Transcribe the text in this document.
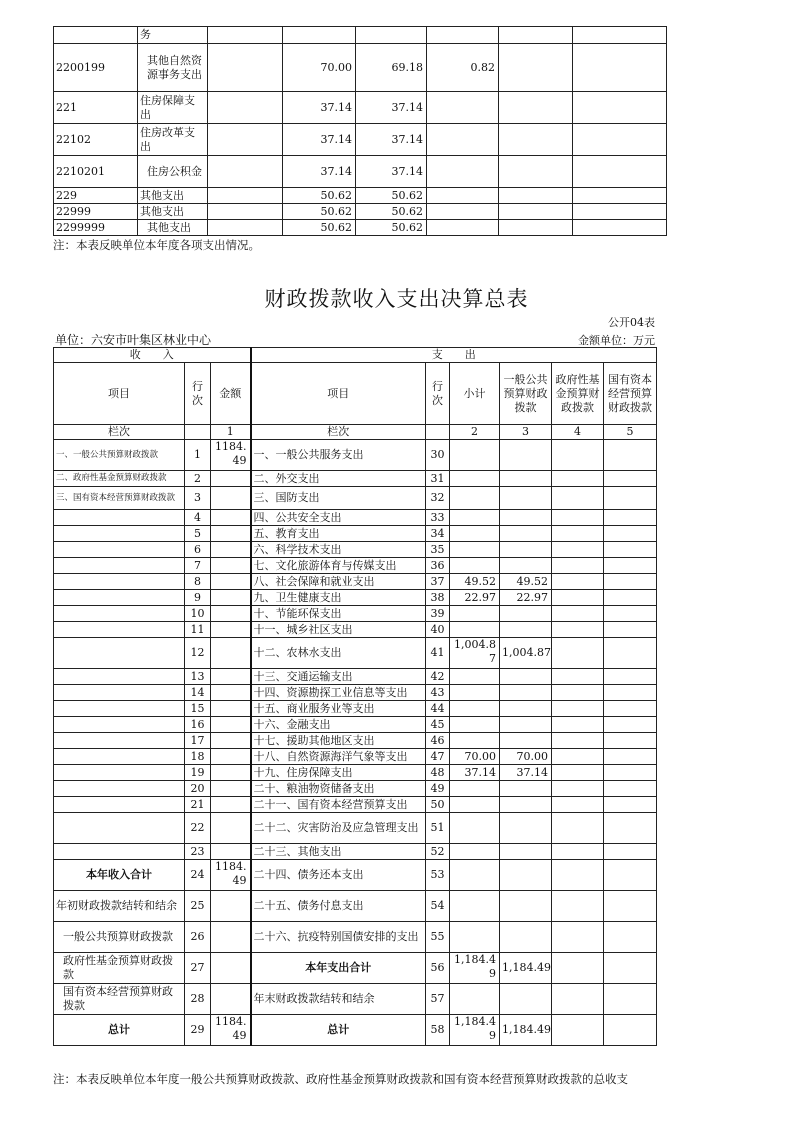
	务						
2200199	其他自然资源事务支出		70.00	69.18	0.82		
221	住房保障支出		37.14	37.14			
22102	住房改革支出		37.14	37.14			
2210201	住房公积金		37.14	37.14			
229	其他支出		50.62	50.62			
22999	其他支出		50.62	50.62			
2299999	其他支出		50.62	50.62			
注：本表反映单位本年度各项支出情况。
财政拨款收入支出决算总表
公开04表
单位：六安市叶集区林业中心	金额单位：万元
收　　入			支　　出					
项目	行次	金额	项目	行次	小计	一般公共预算财政拨款	政府性基金预算财政拨款	国有资本经营预算财政拨款
栏次		1	栏次		2	3	4	5
一、一般公共预算财政拨款	1	1184.49	一、一般公共服务支出	30				
二、政府性基金预算财政拨款	2		二、外交支出	31				
三、国有资本经营预算财政拨款	3		三、国防支出	32				
	4		四、公共安全支出	33				
	5		五、教育支出	34				
	6		六、科学技术支出	35				
	7		七、文化旅游体育与传媒支出	36				
	8		八、社会保障和就业支出	37	49.52	49.52		
	9		九、卫生健康支出	38	22.97	22.97		
	10		十、节能环保支出	39				
	11		十一、城乡社区支出	40				
	12		十二、农林水支出	41	1,004.87	1,004.87		
	13		十三、交通运输支出	42				
	14		十四、资源勘探工业信息等支出	43				
	15		十五、商业服务业等支出	44				
	16		十六、金融支出	45				
	17		十七、援助其他地区支出	46				
	18		十八、自然资源海洋气象等支出	47	70.00	70.00		
	19		十九、住房保障支出	48	37.14	37.14		
	20		二十、粮油物资储备支出	49				
	21		二十一、国有资本经营预算支出	50				
	22		二十二、灾害防治及应急管理支出	51				
	23		二十三、其他支出	52				
本年收入合计	24	1184.49	二十四、债务还本支出	53				
年初财政拨款结转和结余	25		二十五、债务付息支出	54				
一般公共预算财政拨款	26		二十六、抗疫特别国债安排的支出	55				
政府性基金预算财政拨款	27		本年支出合计	56	1,184.49	1,184.49		
国有资本经营预算财政拨款	28		年末财政拨款结转和结余	57				
总计	29	1184.49	总计	58	1,184.49	1,184.49		
注：本表反映单位本年度一般公共预算财政拨款、政府性基金预算财政拨款和国有资本经营预算财政拨款的总收支
